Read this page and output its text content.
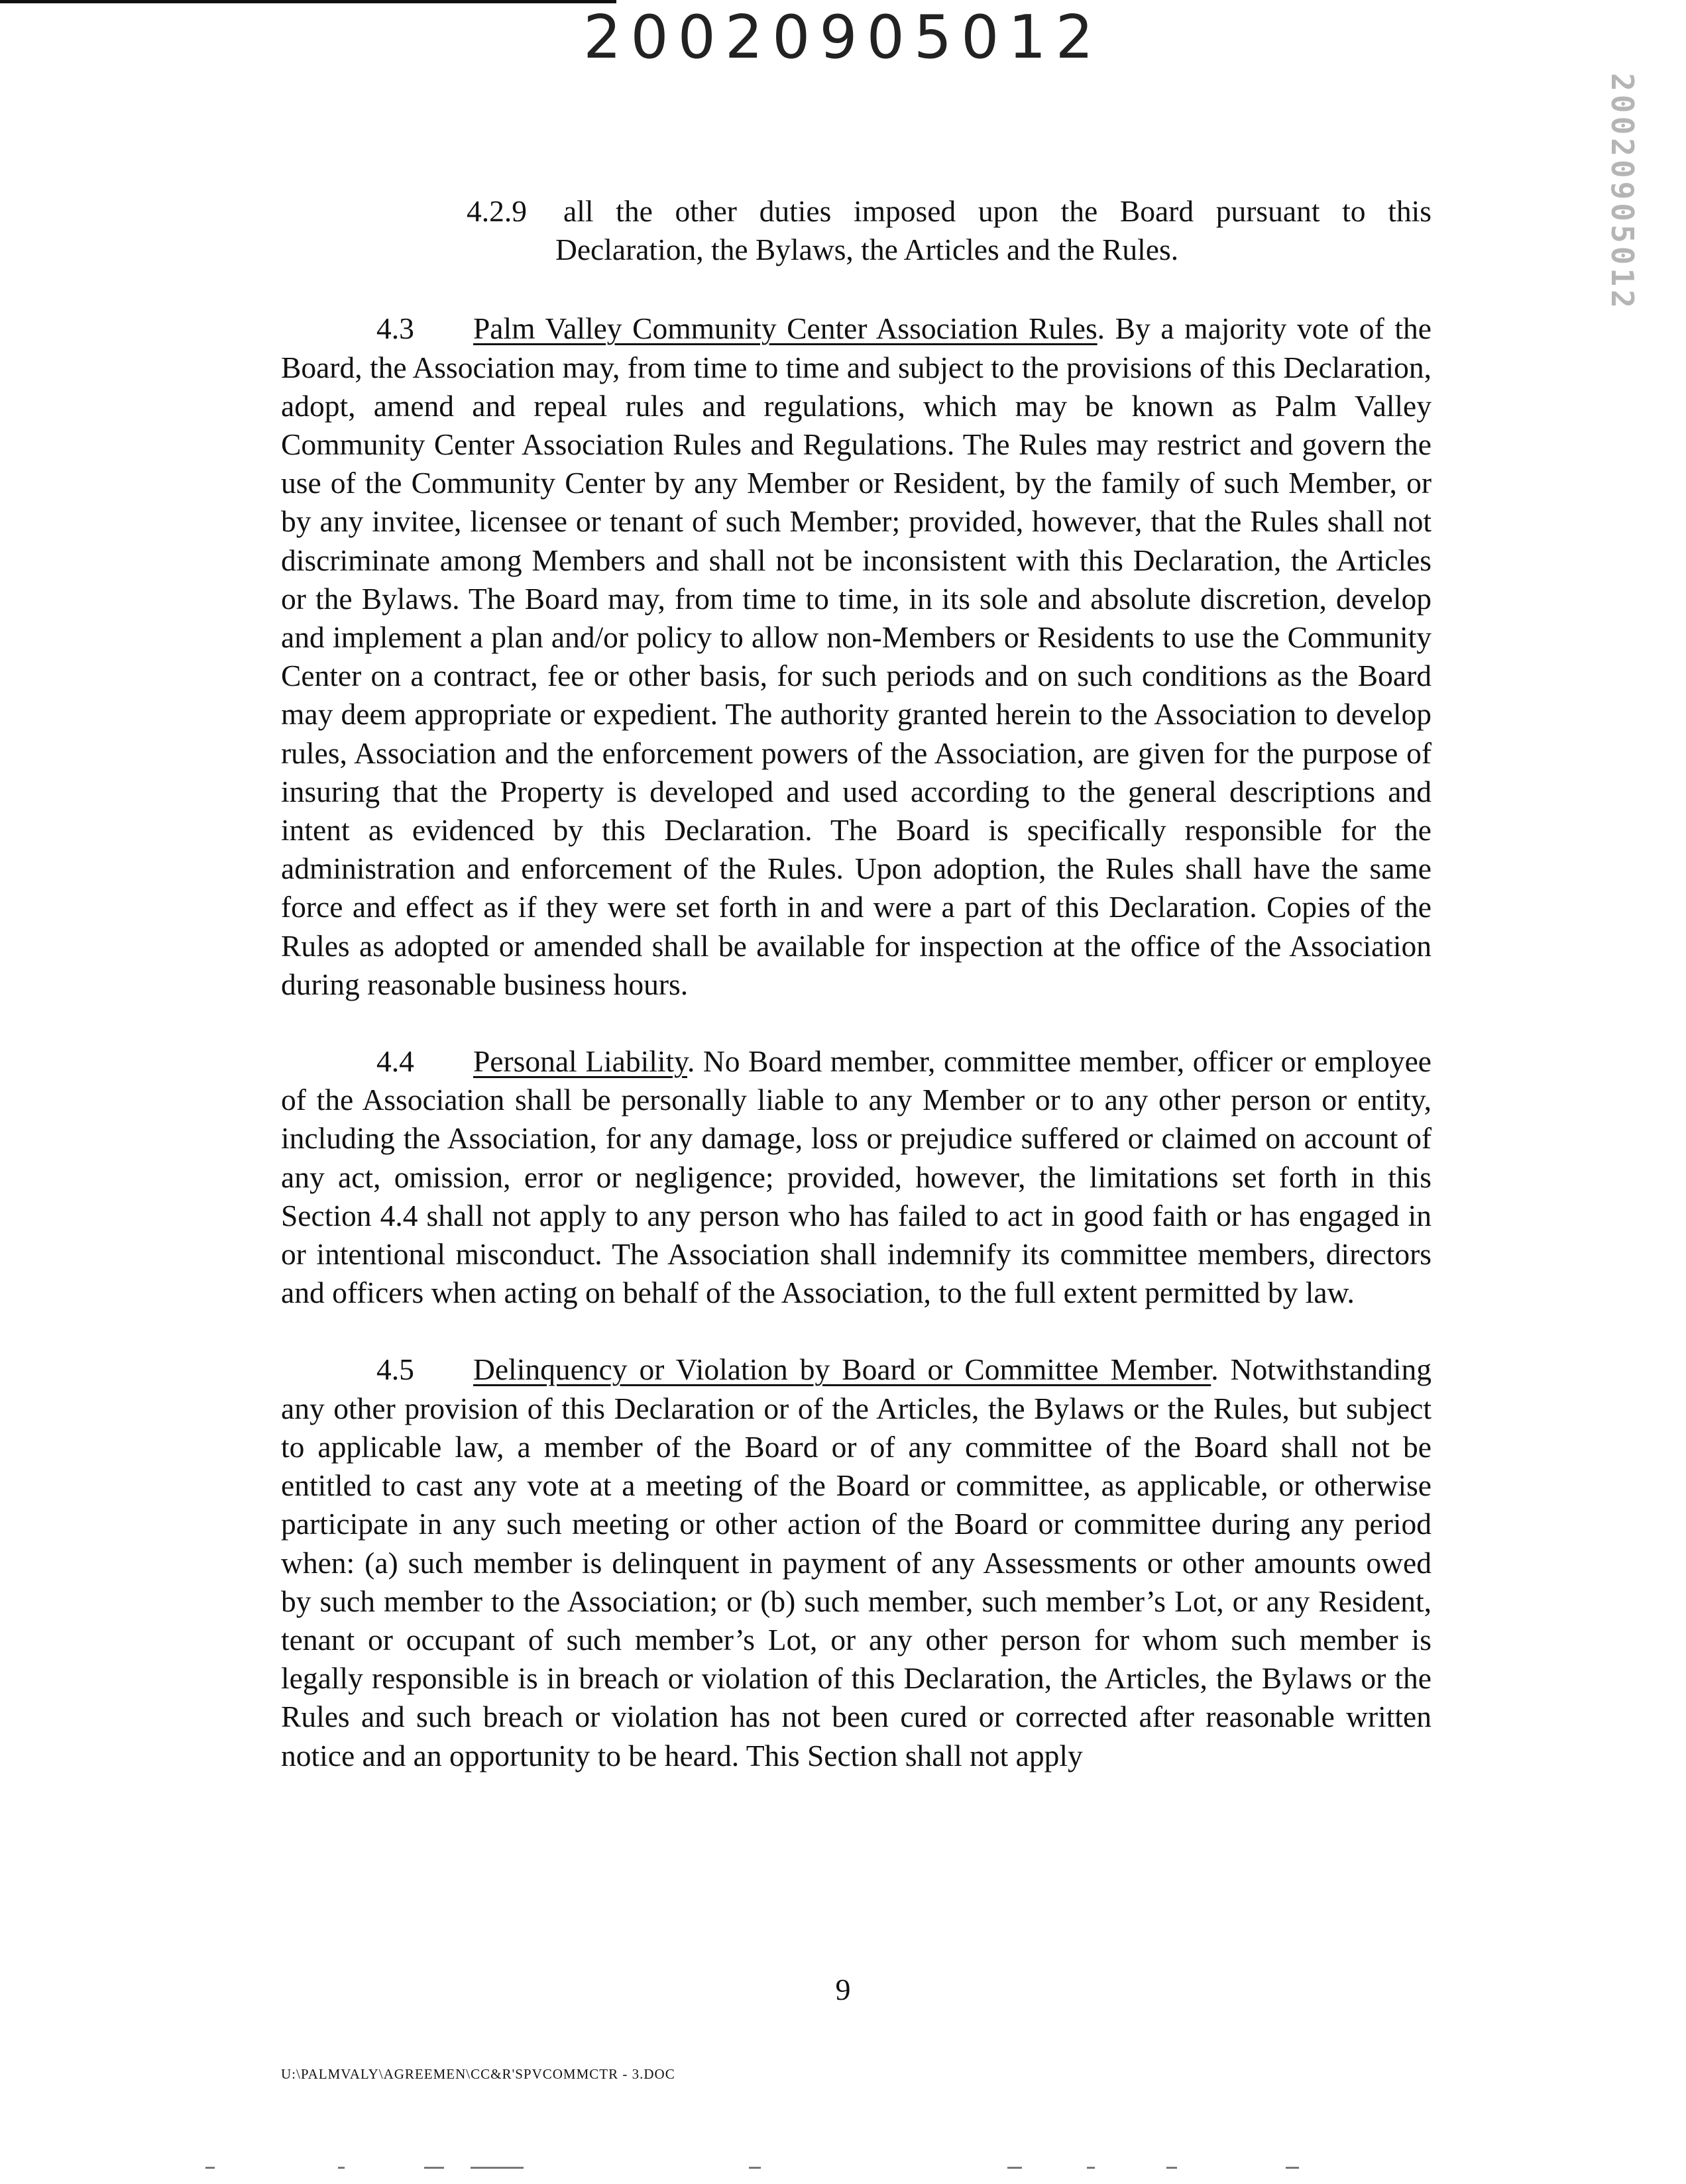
20020905012
20020905012

4.2.9 all the other duties imposed upon the Board pursuant to this Declaration, the Bylaws, the Articles and the Rules.

4.3 Palm Valley Community Center Association Rules. By a majority vote of the Board, the Association may, from time to time and subject to the provisions of this Declaration, adopt, amend and repeal rules and regulations, which may be known as Palm Valley Community Center Association Rules and Regulations. The Rules may restrict and govern the use of the Community Center by any Member or Resident, by the family of such Member, or by any invitee, licensee or tenant of such Member; provided, however, that the Rules shall not discriminate among Members and shall not be inconsistent with this Declaration, the Articles or the Bylaws. The Board may, from time to time, in its sole and absolute discretion, develop and implement a plan and/or policy to allow non-Members or Residents to use the Community Center on a contract, fee or other basis, for such periods and on such conditions as the Board may deem appropriate or expedient. The authority granted herein to the Association to develop rules, Association and the enforcement powers of the Association, are given for the purpose of insuring that the Property is developed and used according to the general descriptions and intent as evidenced by this Declaration. The Board is specifically responsible for the administration and enforcement of the Rules. Upon adoption, the Rules shall have the same force and effect as if they were set forth in and were a part of this Declaration. Copies of the Rules as adopted or amended shall be available for inspection at the office of the Association during reasonable business hours.

4.4 Personal Liability. No Board member, committee member, officer or employee of the Association shall be personally liable to any Member or to any other person or entity, including the Association, for any damage, loss or prejudice suffered or claimed on account of any act, omission, error or negligence; provided, however, the limitations set forth in this Section 4.4 shall not apply to any person who has failed to act in good faith or has engaged in or intentional misconduct. The Association shall indemnify its committee members, directors and officers when acting on behalf of the Association, to the full extent permitted by law.

4.5 Delinquency or Violation by Board or Committee Member. Notwithstanding any other provision of this Declaration or of the Articles, the Bylaws or the Rules, but subject to applicable law, a member of the Board or of any committee of the Board shall not be entitled to cast any vote at a meeting of the Board or committee, as applicable, or otherwise participate in any such meeting or other action of the Board or committee during any period when: (a) such member is delinquent in payment of any Assessments or other amounts owed by such member to the Association; or (b) such member, such member’s Lot, or any Resident, tenant or occupant of such member’s Lot, or any other person for whom such member is legally responsible is in breach or violation of this Declaration, the Articles, the Bylaws or the Rules and such breach or violation has not been cured or corrected after reasonable written notice and an opportunity to be heard. This Section shall not apply

9
U:\PALMVALY\AGREEMEN\CC&R'SPVCOMMCTR - 3.DOC
